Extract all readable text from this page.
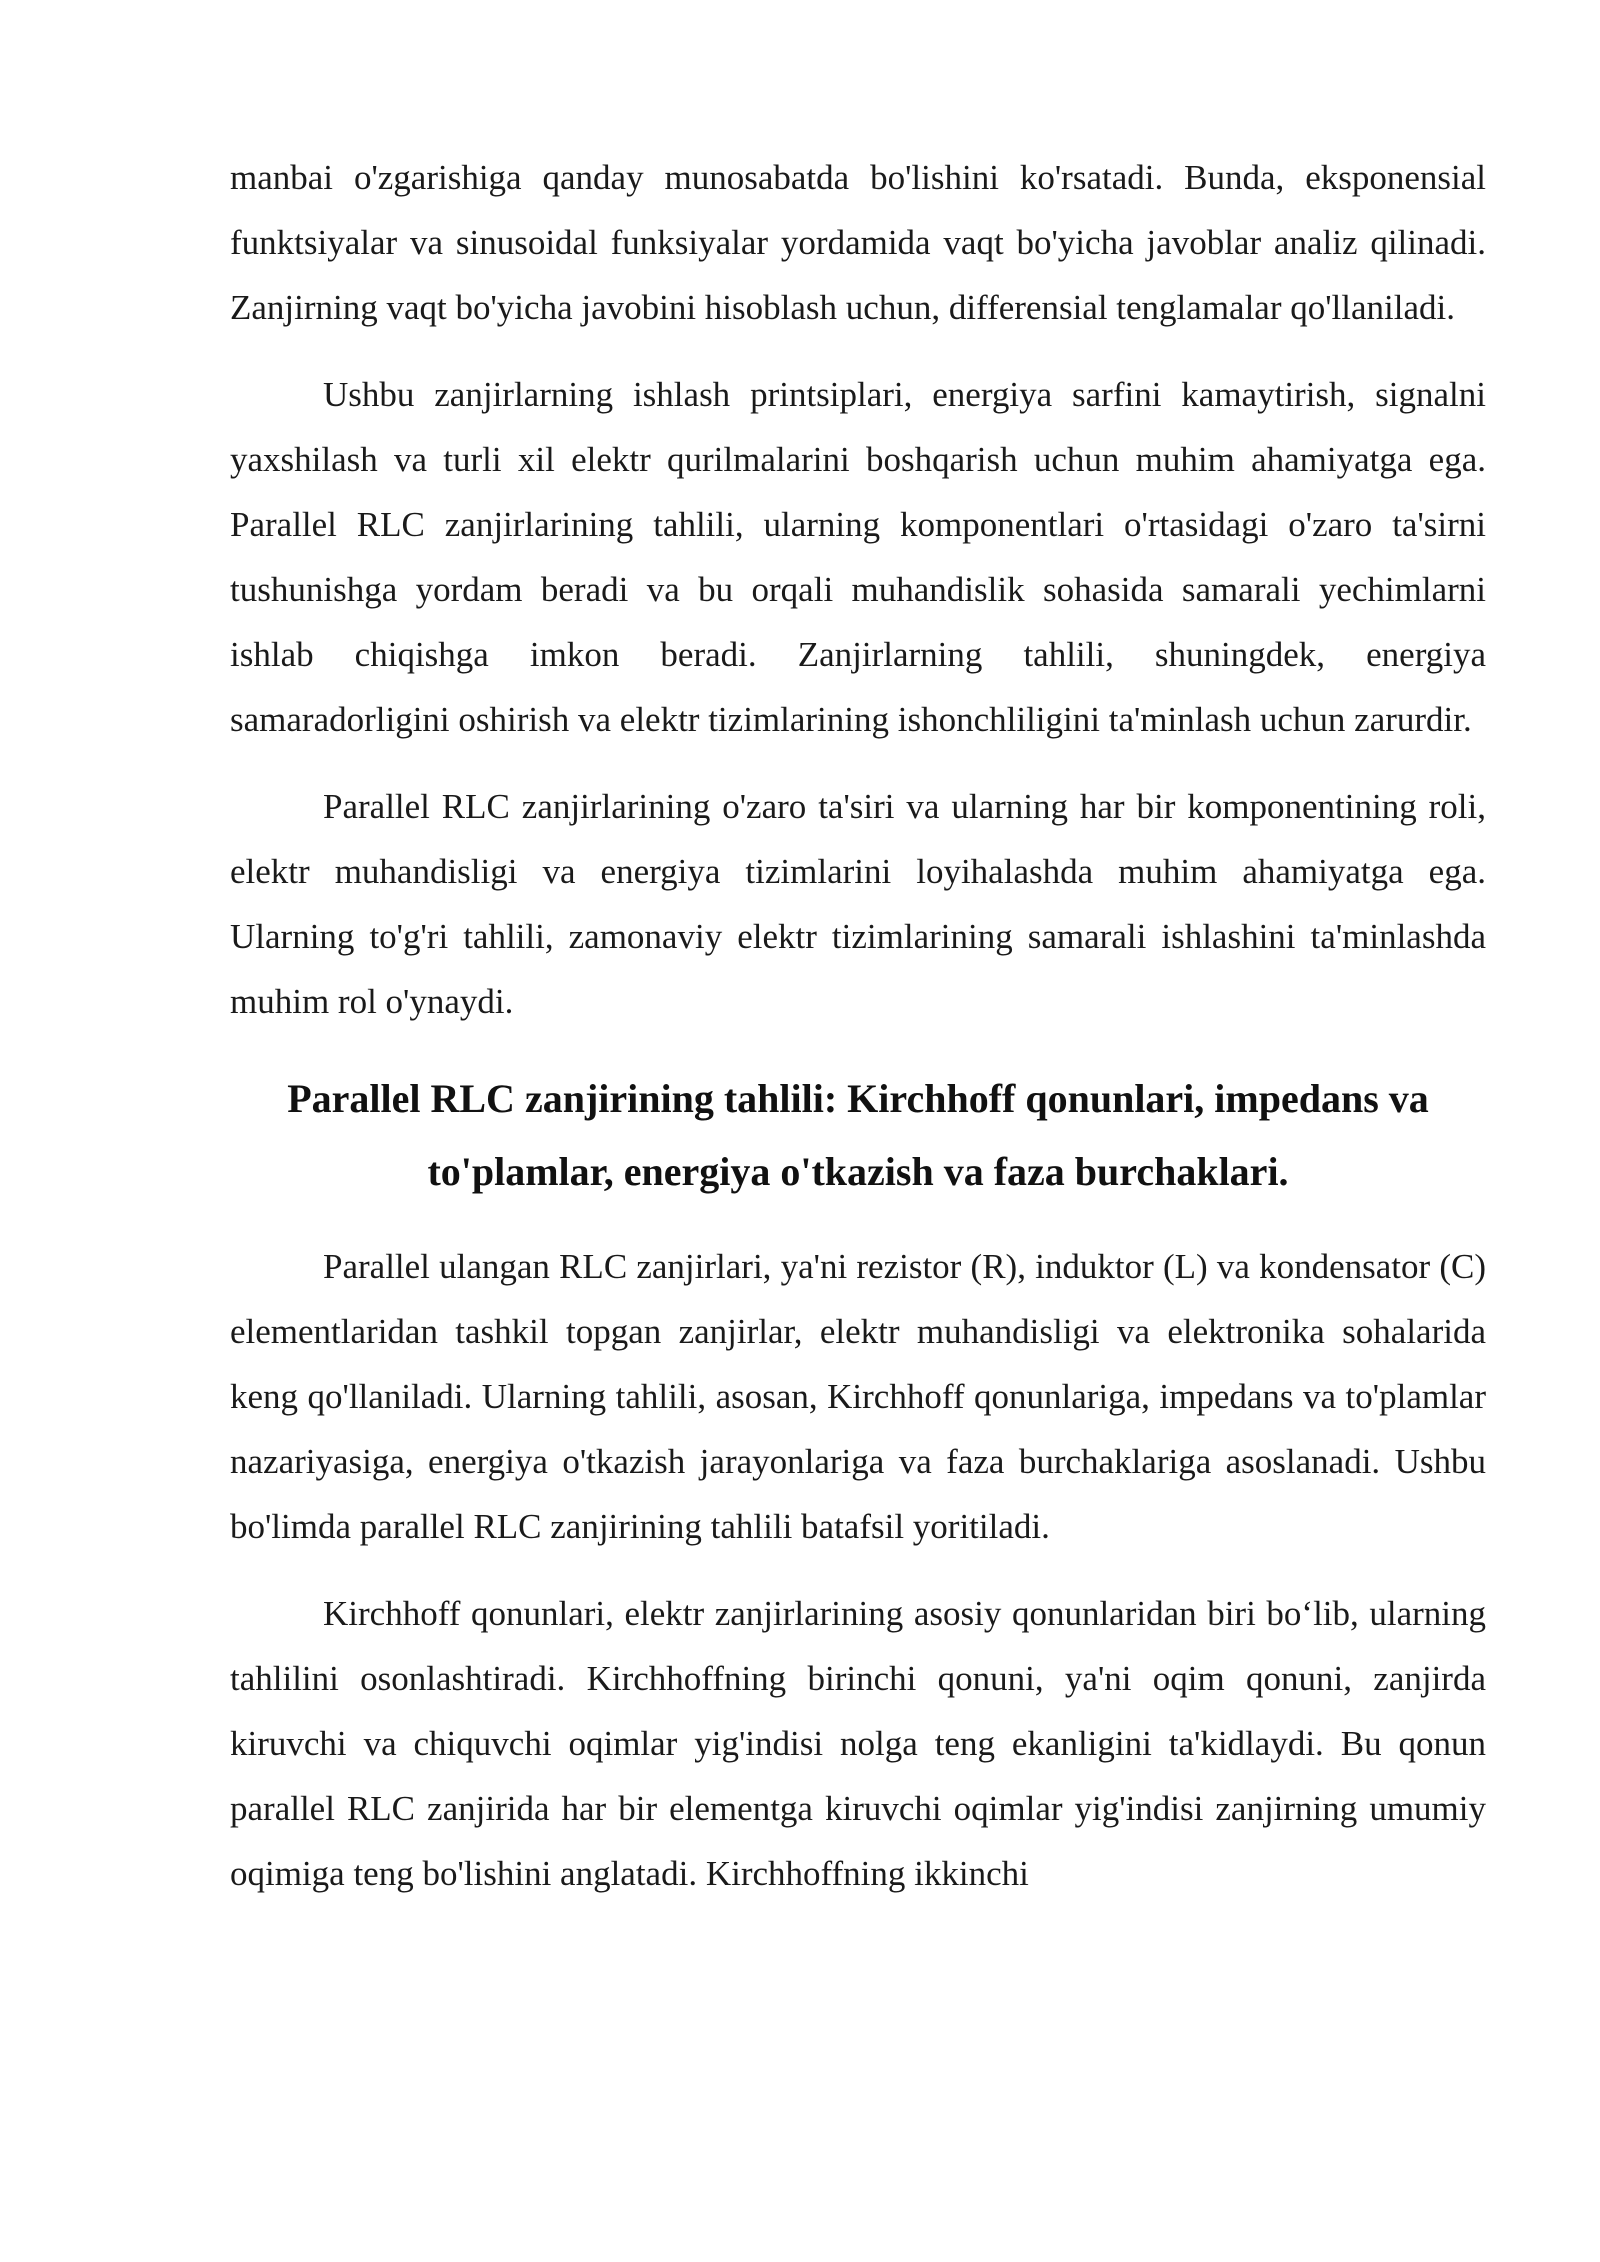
manbai o'zgarishiga qanday munosabatda bo'lishini ko'rsatadi. Bunda, eksponensial funktsiyalar va sinusoidal funksiyalar yordamida vaqt bo'yicha javoblar analiz qilinadi. Zanjirning vaqt bo'yicha javobini hisoblash uchun, differensial tenglamalar qo'llaniladi.

Ushbu zanjirlarning ishlash printsiplari, energiya sarfini kamaytirish, signalni yaxshilash va turli xil elektr qurilmalarini boshqarish uchun muhim ahamiyatga ega. Parallel RLC zanjirlarining tahlili, ularning komponentlari o'rtasidagi o'zaro ta'sirni tushunishga yordam beradi va bu orqali muhandislik sohasida samarali yechimlarni ishlab chiqishga imkon beradi. Zanjirlarning tahlili, shuningdek, energiya samaradorligini oshirish va elektr tizimlarining ishonchliligini ta'minlash uchun zarurdir.

Parallel RLC zanjirlarining o'zaro ta'siri va ularning har bir komponentining roli, elektr muhandisligi va energiya tizimlarini loyihalashda muhim ahamiyatga ega. Ularning to'g'ri tahlili, zamonaviy elektr tizimlarining samarali ishlashini ta'minlashda muhim rol o'ynaydi.

Parallel RLC zanjirining tahlili: Kirchhoff qonunlari, impedans va to'plamlar, energiya o'tkazish va faza burchaklari.

Parallel ulangan RLC zanjirlari, ya'ni rezistor (R), induktor (L) va kondensator (C) elementlaridan tashkil topgan zanjirlar, elektr muhandisligi va elektronika sohalarida keng qo'llaniladi. Ularning tahlili, asosan, Kirchhoff qonunlariga, impedans va to'plamlar nazariyasiga, energiya o'tkazish jarayonlariga va faza burchaklariga asoslanadi. Ushbu bo'limda parallel RLC zanjirining tahlili batafsil yoritiladi.

Kirchhoff qonunlari, elektr zanjirlarining asosiy qonunlaridan biri bo‘lib, ularning tahlilini osonlashtiradi. Kirchhoffning birinchi qonuni, ya'ni oqim qonuni, zanjirda kiruvchi va chiquvchi oqimlar yig'indisi nolga teng ekanligini ta'kidlaydi. Bu qonun parallel RLC zanjirida har bir elementga kiruvchi oqimlar yig'indisi zanjirning umumiy oqimiga teng bo'lishini anglatadi. Kirchhoffning ikkinchi
